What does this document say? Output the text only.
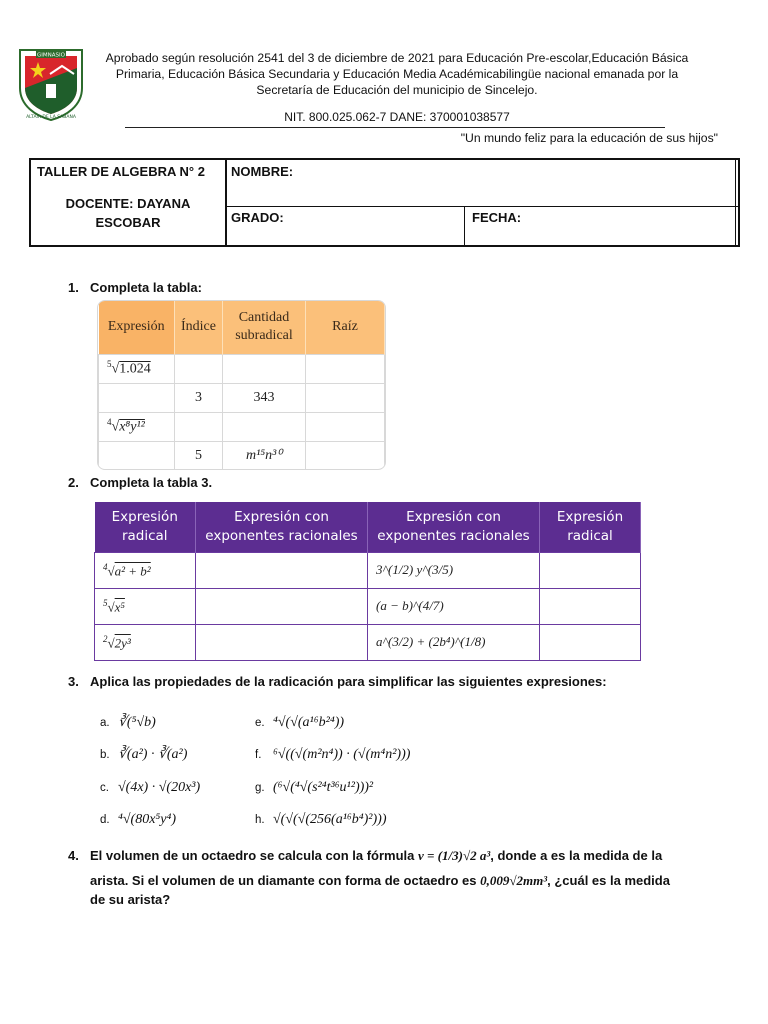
GIMNASIO
ALTAIR DE LA SABANA
Aprobado según resolución 2541 del 3 de diciembre de 2021 para Educación Pre-escolar,Educación Básica
Primaria, Educación Básica Secundaria y Educación Media Académicabilingüe nacional emanada por la
Secretaría de Educación del municipio de Sincelejo.
NIT. 800.025.062-7 DANE: 370001038577
"Un mundo feliz para la educación de sus hijos"
TALLER DE ALGEBRA N° 2
DOCENTE: DAYANA
ESCOBAR
NOMBRE:
GRADO:	FECHA:
1. Completa la tabla:
Expresión	Índice	Cantidad subradical	Raíz
$^5$√1.024			
	3	343	
$^4$√x⁸y¹²			
	5	m¹⁵n³⁰	
2. Completa la tabla 3.
Expresión radical	Expresión con exponentes racionales	Expresión con exponentes racionales	Expresión radical
$^4$√a² + b²		3^(1/2) y^(3/5)	
$^5$√x⁵		(a − b)^(4/7)	
$^2$√2y³		a^(3/2) + (2b⁴)^(1/8)	
3. Aplica las propiedades de la radicación para simplificar las siguientes expresiones:
a. ∛(⁵√b)
b. ∛(a²) · ∛(a²)
c. √(4x) · √(20x³)
d. ⁴√(80x⁵y⁴)
e. ⁴√(√(a¹⁶b²⁴))
f. ⁶√((√(m²n⁴)) · (√(m⁴n²)))
g. (⁶√(⁴√(s²⁴t³⁶u¹²)))²
h. √(√(√(256(a¹⁶b⁴)²)))
4. El volumen de un octaedro se calcula con la fórmula v = (1/3)√2 a³, donde a es la medida de la
arista. Si el volumen de un diamante con forma de octaedro es 0,009√2mm³, ¿cuál es la medida
de su arista?
